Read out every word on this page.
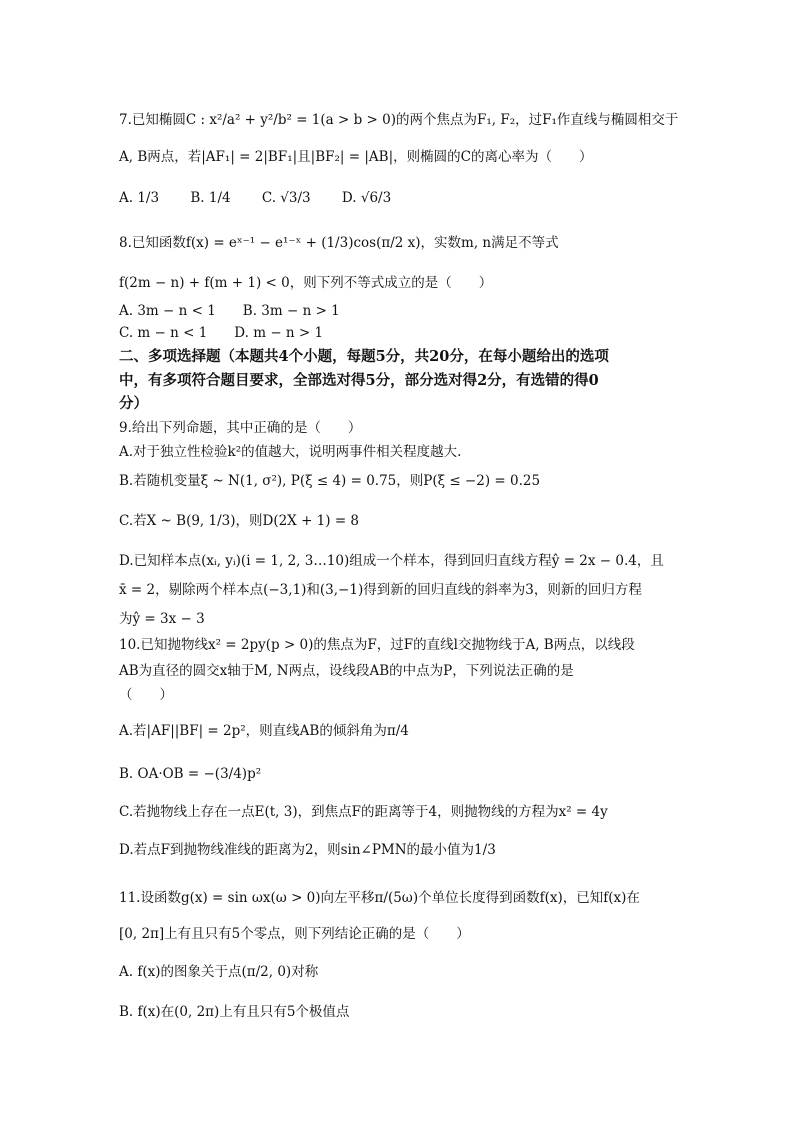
7.已知椭圆C : x²/a² + y²/b² = 1(a > b > 0)的两个焦点为F₁, F₂，过F₁作直线与椭圆相交于
A, B两点，若|AF₁| = 2|BF₁|且|BF₂| = |AB|，则椭圆的C的离心率为（　　）
A. 1/3　　 B. 1/4　　 C. √3/3　　 D. √6/3
8.已知函数f(x) = eˣ⁻¹ − e¹⁻ˣ + (1/3)cos(π/2 x)，实数m, n满足不等式
f(2m − n) + f(m + 1) < 0，则下列不等式成立的是（　　）
A. 3m − n < 1　　B. 3m − n > 1
C. m − n < 1　　D. m − n > 1
二、多项选择题（本题共4个小题，每题5分，共20分，在每小题给出的选项
中，有多项符合题目要求，全部选对得5分，部分选对得2分，有选错的得0
分）
9.给出下列命题，其中正确的是（　　）
A.对于独立性检验k²的值越大，说明两事件相关程度越大.
B.若随机变量ξ ~ N(1, σ²), P(ξ ≤ 4) = 0.75，则P(ξ ≤ −2) = 0.25
C.若X ~ B(9, 1/3)，则D(2X + 1) = 8
D.已知样本点(xᵢ, yᵢ)(i = 1, 2, 3…10)组成一个样本，得到回归直线方程ŷ = 2x − 0.4，且
x̄ = 2，剔除两个样本点(−3,1)和(3,−1)得到新的回归直线的斜率为3，则新的回归方程
为ŷ = 3x − 3
10.已知抛物线x² = 2py(p > 0)的焦点为F，过F的直线l交抛物线于A, B两点，以线段
AB为直径的圆交x轴于M, N两点，设线段AB的中点为P，下列说法正确的是
（　　）
A.若|AF||BF| = 2p²，则直线AB的倾斜角为π/4
B. OA·OB = −(3/4)p²
C.若抛物线上存在一点E(t, 3)，到焦点F的距离等于4，则抛物线的方程为x² = 4y
D.若点F到抛物线准线的距离为2，则sin∠PMN的最小值为1/3
11.设函数g(x) = sin ωx(ω > 0)向左平移π/(5ω)个单位长度得到函数f(x)，已知f(x)在
[0, 2π]上有且只有5个零点，则下列结论正确的是（　　）
A. f(x)的图象关于点(π/2, 0)对称
B. f(x)在(0, 2π)上有且只有5个极值点
